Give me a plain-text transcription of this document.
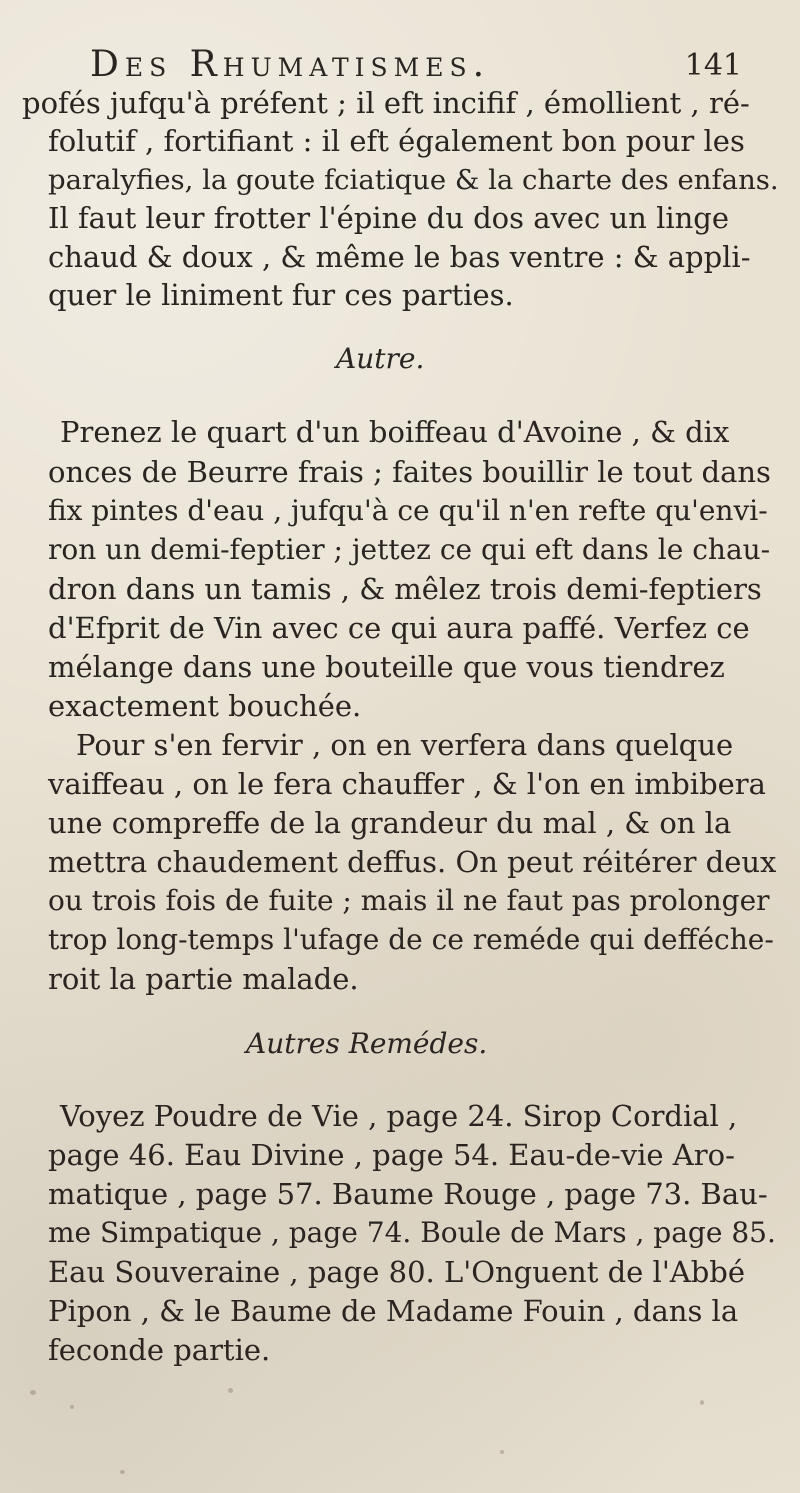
Des Rhumatismes.	141
pofés jufqu'à préfent ; il eft incifif , émollient , ré-
folutif , fortifiant : il eft également bon pour les
paralyfies, la goute fciatique & la charte des enfans.
Il faut leur frotter l'épine du dos avec un linge
chaud & doux , & même le bas ventre : & appli-
quer le liniment fur ces parties.
Autre.
Prenez le quart d'un boiffeau d'Avoine , & dix
onces de Beurre frais ; faites bouillir le tout dans
fix pintes d'eau , jufqu'à ce qu'il n'en refte qu'envi-
ron un demi-feptier ; jettez ce qui eft dans le chau-
dron dans un tamis , & mêlez trois demi-feptiers
d'Efprit de Vin avec ce qui aura paffé. Verfez ce
mélange dans une bouteille que vous tiendrez
exactement bouchée.
Pour s'en fervir , on en verfera dans quelque
vaiffeau , on le fera chauffer , & l'on en imbibera
une compreffe de la grandeur du mal , & on la
mettra chaudement deffus. On peut réitérer deux
ou trois fois de fuite ; mais il ne faut pas prolonger
trop long-temps l'ufage de ce reméde qui defféche-
roit la partie malade.
Autres Remédes.
Voyez Poudre de Vie , page 24. Sirop Cordial ,
page 46. Eau Divine , page 54. Eau-de-vie Aro-
matique , page 57. Baume Rouge , page 73. Bau-
me Simpatique , page 74. Boule de Mars , page 85.
Eau Souveraine , page 80. L'Onguent de l'Abbé
Pipon , & le Baume de Madame Fouin , dans la
feconde partie.
